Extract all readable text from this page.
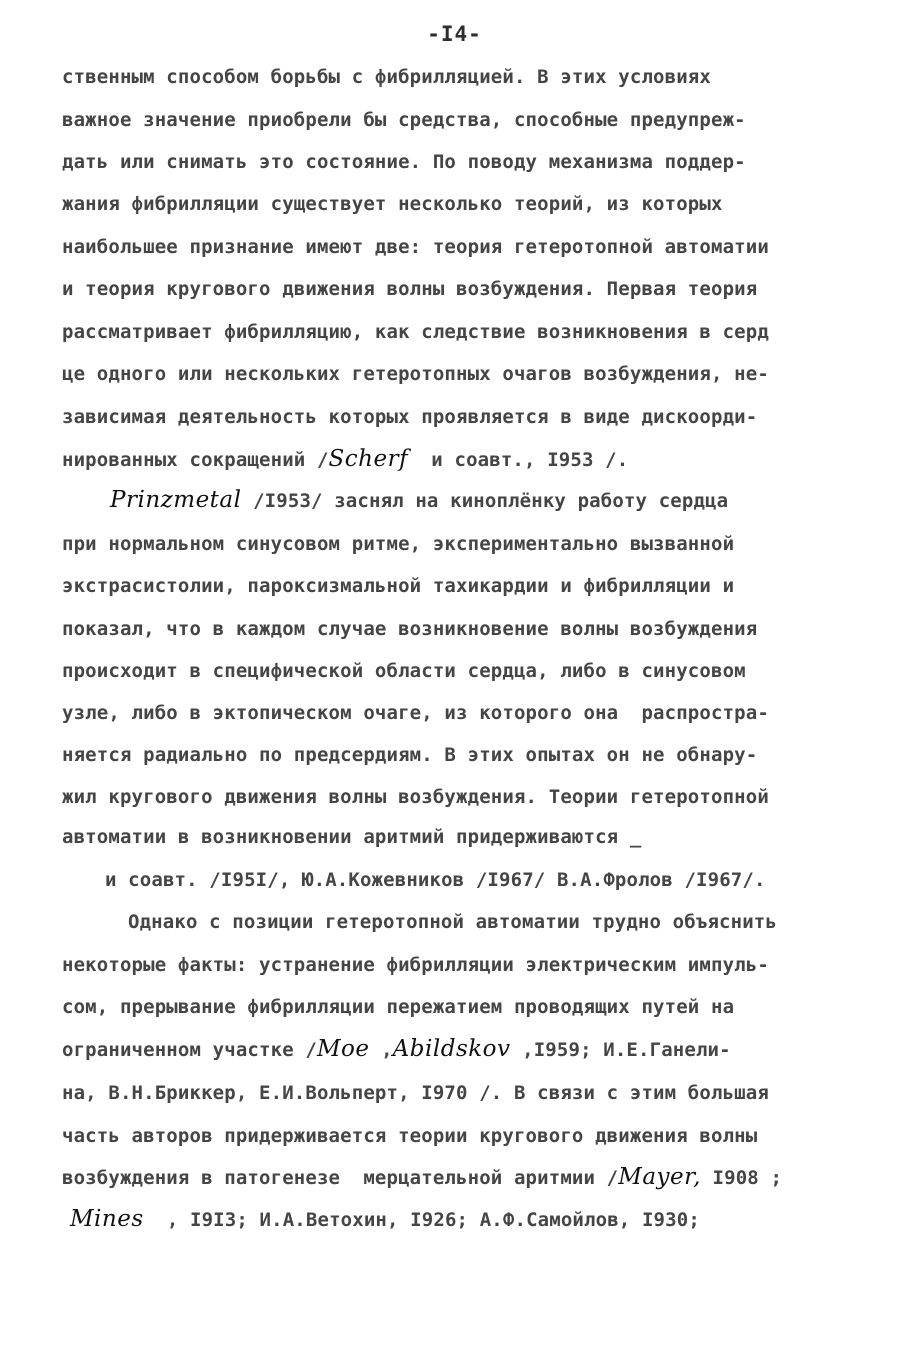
-I4-
ственным способом борьбы с фибрилляцией. В этих условиях
важное значение приобрели бы средства, способные предупреж-
дать или снимать это состояние. По поводу механизма поддер-
жания фибрилляции существует несколько теорий, из которых
наибольшее признание имеют две: теория гетеротопной автоматии
и теория кругового движения волны возбуждения. Первая теория
рассматривает фибрилляцию, как следствие возникновения в серд
це одного или нескольких гетеротопных очагов возбуждения, не-
зависимая деятельность которых проявляется в виде дискоорди-
нированных сокращений /Scherf  и соавт., I953 /.
Prinzmetal /I953/ заснял на киноплёнку работу сердца
при нормальном синусовом ритме, экспериментально вызванной
экстрасистолии, пароксизмальной тахикардии и фибрилляции и
показал, что в каждом случае возникновение волны возбуждения
происходит в специфической области сердца, либо в синусовом
узле, либо в эктопическом очаге, из которого она  распростра-
няется радиально по предсердиям. В этих опытах он не обнару-
жил кругового движения волны возбуждения. Теории гетеротопной
автоматии в возникновении аритмий придерживаются _
и соавт. /I95I/, Ю.А.Кожевников /I967/ В.А.Фролов /I967/.
Однако с позиции гетеротопной автоматии трудно объяснить
некоторые факты: устранение фибрилляции электрическим импуль-
сом, прерывание фибрилляции пережатием проводящих путей на
ограниченном участке /Moe ,Abildskov ,I959; И.Е.Ганели-
на, В.Н.Бриккер, Е.И.Вольперт, I970 /. В связи с этим большая
часть авторов придерживается теории кругового движения волны
возбуждения в патогенезе  мерцательной аритмии /Mayer, I908 ;
Mines  , I9I3; И.А.Ветохин, I926; А.Ф.Самойлов, I930;
